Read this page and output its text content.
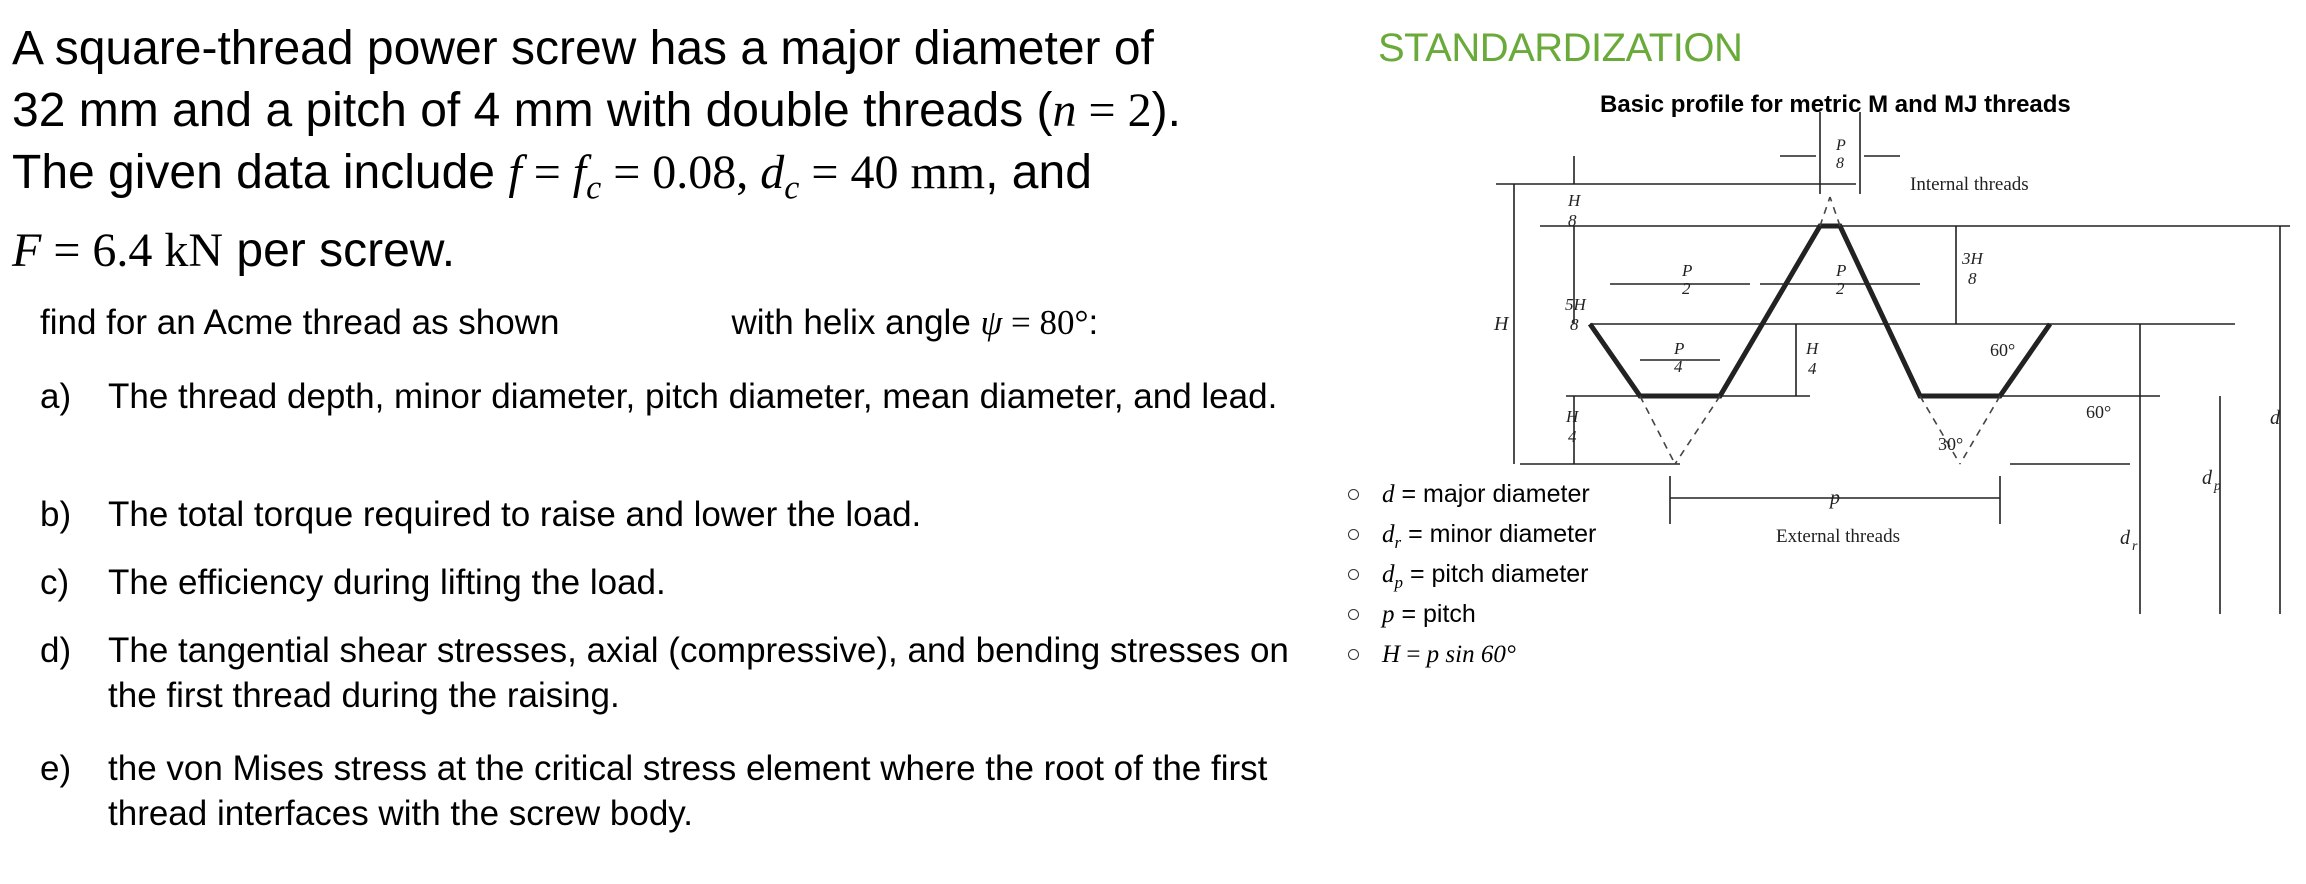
A square-thread power screw has a major diameter of
32 mm and a pitch of 4 mm with double threads (n = 2).
The given data include $f = f_c = 0.08$, $d_c = 40$ mm, and
F = 6.4 kN per screw.
find for an Acme thread as shown	with helix angle ψ = 80°:
a) The thread depth, minor diameter, pitch diameter, mean diameter, and lead.
b) The total torque required to raise and lower the load.
c) The efficiency during lifting the load.
d) The tangential shear stresses, axial (compressive), and bending stresses on the first thread during the raising.
e) the von Mises stress at the critical stress element where the root of the first thread interfaces with the screw body.
STANDARDIZATION
Basic profile for metric M and MJ threads
H
H
8
5H
8
H
4
H
4
3H
8
P
2
P
2
P
4
P
8
p
d
d p
d r
60°
60°
30°
Internal threads
External threads
d = major diameter
$d_r$ = minor diameter
$d_p$ = pitch diameter
p = pitch
H = p sin 60°
